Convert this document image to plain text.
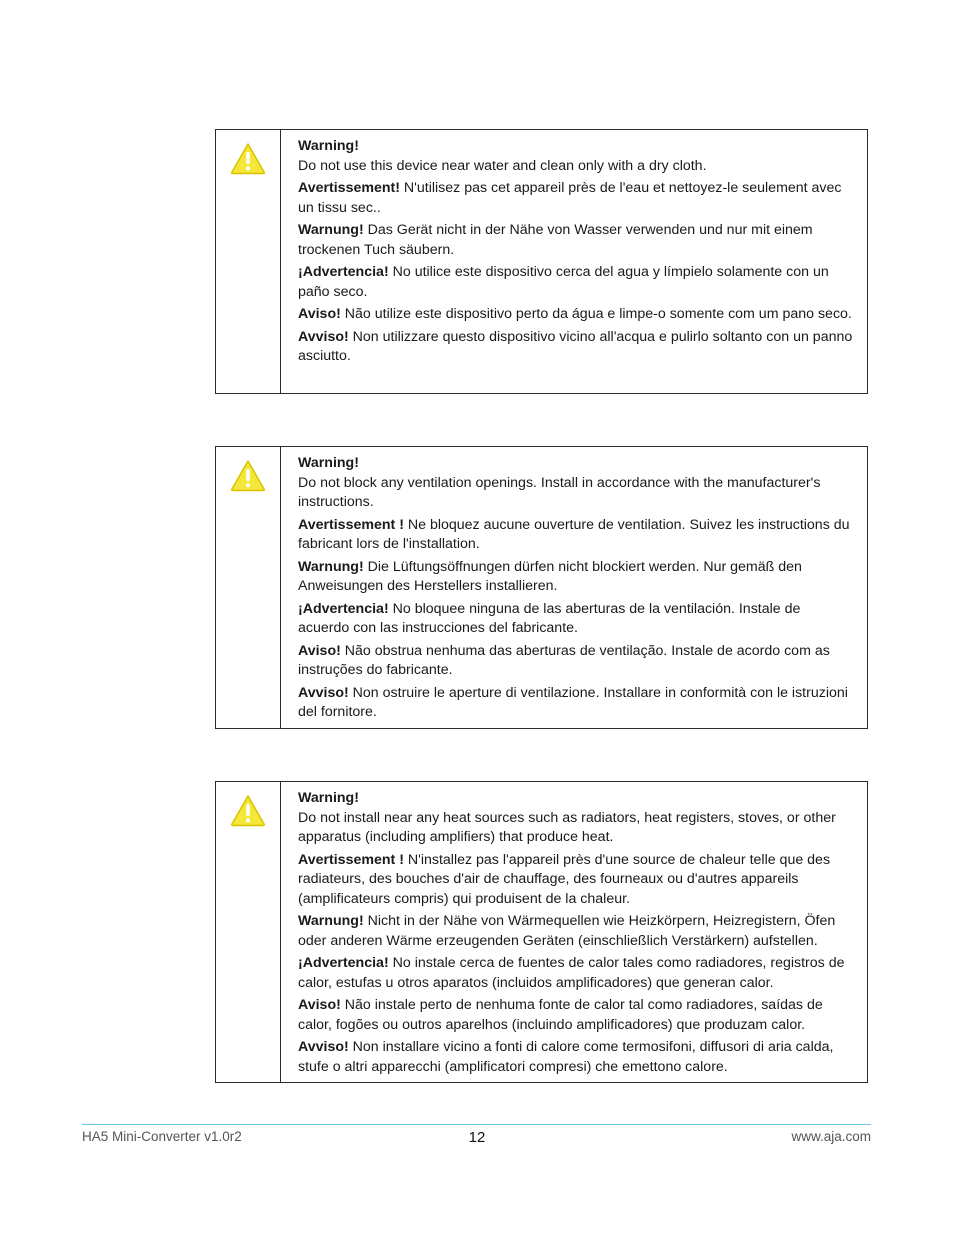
Warning!
Do not use this device near water and clean only with a dry cloth.

Avertissement! N'utilisez pas cet appareil près de l'eau et nettoyez-le seulement avec un tissu sec..

Warnung! Das Gerät nicht in der Nähe von Wasser verwenden und nur mit einem trockenen Tuch säubern.

¡Advertencia! No utilice este dispositivo cerca del agua y límpielo solamente con un paño seco.

Aviso! Não utilize este dispositivo perto da água e limpe-o somente com um pano seco.

Avviso! Non utilizzare questo dispositivo vicino all'acqua e pulirlo soltanto con un panno asciutto.

Warning!
Do not block any ventilation openings. Install in accordance with the manufacturer's instructions.

Avertissement ! Ne bloquez aucune ouverture de ventilation. Suivez les instructions du fabricant lors de l'installation.

Warnung! Die Lüftungsöffnungen dürfen nicht blockiert werden. Nur gemäß den Anweisungen des Herstellers installieren.

¡Advertencia! No bloquee ninguna de las aberturas de la ventilación. Instale de acuerdo con las instrucciones del fabricante.

Aviso! Não obstrua nenhuma das aberturas de ventilação. Instale de acordo com as instruções do fabricante.

Avviso! Non ostruire le aperture di ventilazione. Installare in conformità con le istruzioni del fornitore.

Warning!
Do not install near any heat sources such as radiators, heat registers, stoves, or other apparatus (including amplifiers) that produce heat.

Avertissement ! N'installez pas l'appareil près d'une source de chaleur telle que des radiateurs, des bouches d'air de chauffage, des fourneaux ou d'autres appareils (amplificateurs compris) qui produisent de la chaleur.

Warnung! Nicht in der Nähe von Wärmequellen wie Heizkörpern, Heizregistern, Öfen oder anderen Wärme erzeugenden Geräten (einschließlich Verstärkern) aufstellen.

¡Advertencia! No instale cerca de fuentes de calor tales como radiadores, registros de calor, estufas u otros aparatos (incluidos amplificadores) que generan calor.

Aviso! Não instale perto de nenhuma fonte de calor tal como radiadores, saídas de calor, fogões ou outros aparelhos (incluindo amplificadores) que produzam calor.

Avviso! Non installare vicino a fonti di calore come termosifoni, diffusori di aria calda, stufe o altri apparecchi (amplificatori compresi) che emettono calore.

HA5 Mini-Converter v1.0r2	12	www.aja.com
